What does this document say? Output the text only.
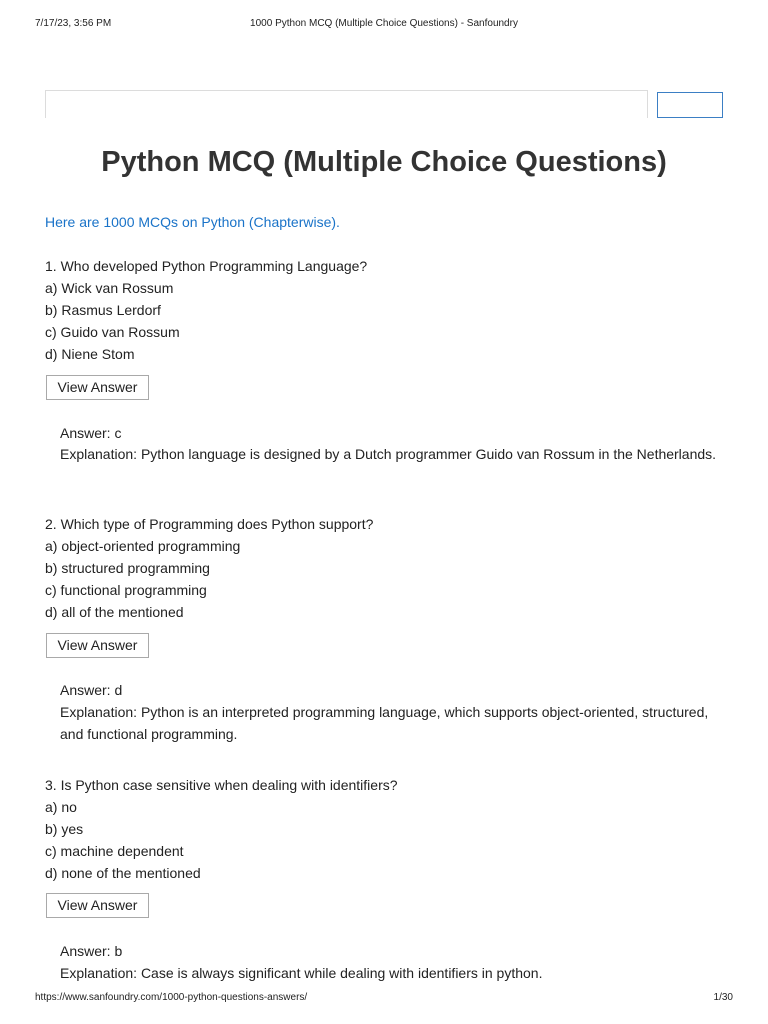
7/17/23, 3:56 PM	1000 Python MCQ (Multiple Choice Questions) - Sanfoundry
Python MCQ (Multiple Choice Questions)
Here are 1000 MCQs on Python (Chapterwise).
1. Who developed Python Programming Language?
a) Wick van Rossum
b) Rasmus Lerdorf
c) Guido van Rossum
d) Niene Stom
View Answer
Answer: c
Explanation: Python language is designed by a Dutch programmer Guido van Rossum in the Netherlands.
2. Which type of Programming does Python support?
a) object-oriented programming
b) structured programming
c) functional programming
d) all of the mentioned
View Answer
Answer: d
Explanation: Python is an interpreted programming language, which supports object-oriented, structured,
and functional programming.
3. Is Python case sensitive when dealing with identifiers?
a) no
b) yes
c) machine dependent
d) none of the mentioned
View Answer
Answer: b
Explanation: Case is always significant while dealing with identifiers in python.
https://www.sanfoundry.com/1000-python-questions-answers/	1/30
